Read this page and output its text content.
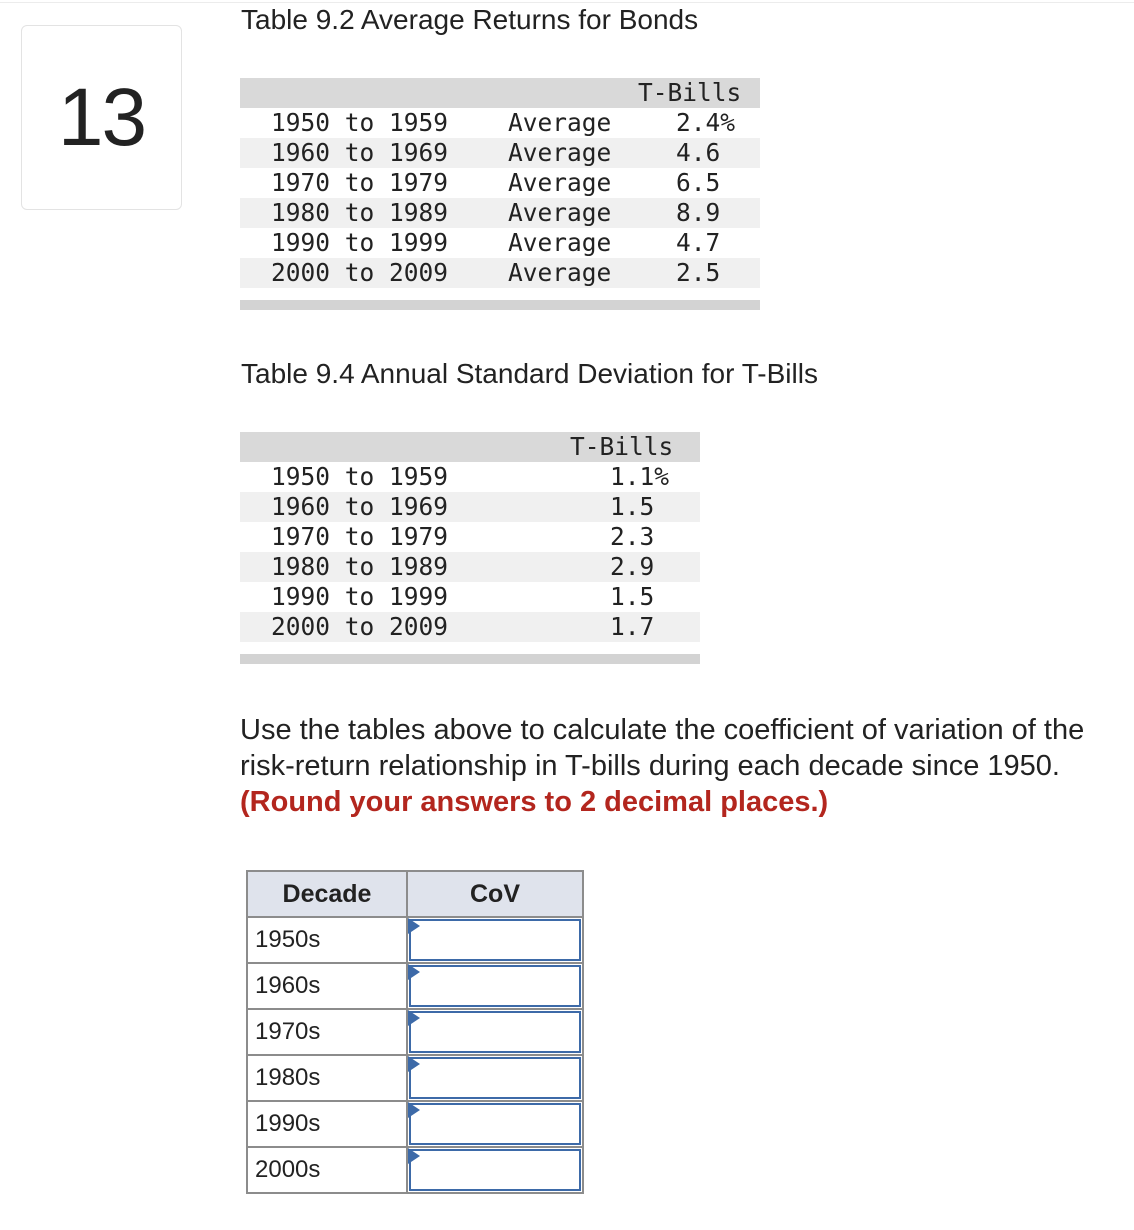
13
Table 9.2 Average Returns for Bonds
T-Bills
1950 to 1959 Average	2.4%
1960 to 1969 Average	4.6
1970 to 1979 Average	6.5
1980 to 1989 Average	8.9
1990 to 1999 Average	4.7
2000 to 2009 Average	2.5
Table 9.4 Annual Standard Deviation for T-Bills
T-Bills
1950 to 1959	1.1%
1960 to 1969	1.5
1970 to 1979	2.3
1980 to 1989	2.9
1990 to 1999	1.5
2000 to 2009	1.7
Use the tables above to calculate the coefficient of variation of the risk-return relationship in T-bills during each decade since 1950. (Round your answers to 2 decimal places.)
Decade	CoV
1950s	

1960s	

1970s	

1980s	

1990s	

2000s	
